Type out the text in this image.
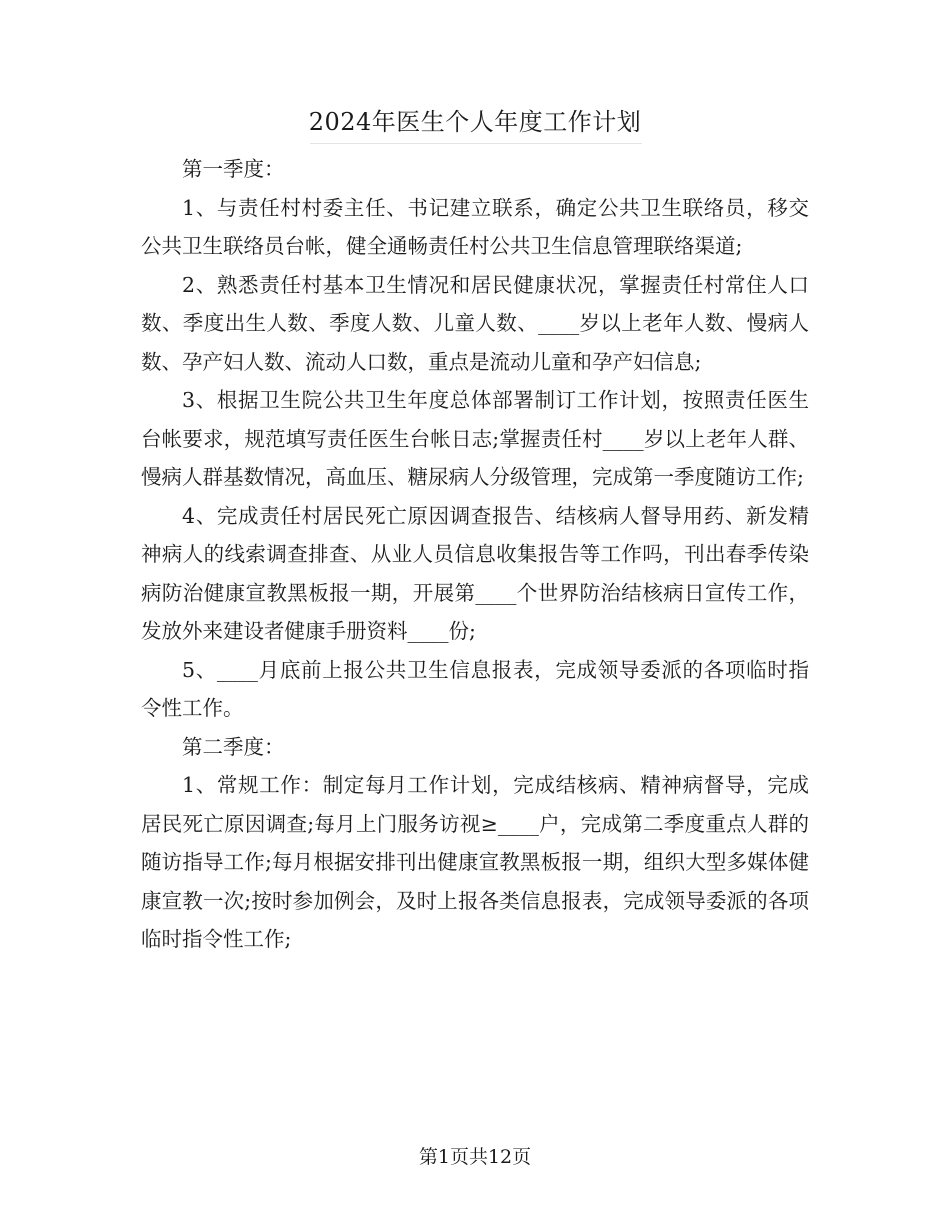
2024年医生个人年度工作计划

第一季度：

1、与责任村村委主任、书记建立联系，确定公共卫生联络员，移交公共卫生联络员台帐，健全通畅责任村公共卫生信息管理联络渠道;

2、熟悉责任村基本卫生情况和居民健康状况，掌握责任村常住人口数、季度出生人数、季度人数、儿童人数、____岁以上老年人数、慢病人数、孕产妇人数、流动人口数，重点是流动儿童和孕产妇信息;

3、根据卫生院公共卫生年度总体部署制订工作计划，按照责任医生台帐要求，规范填写责任医生台帐日志;掌握责任村____岁以上老年人群、慢病人群基数情况，高血压、糖尿病人分级管理，完成第一季度随访工作;

4、完成责任村居民死亡原因调查报告、结核病人督导用药、新发精神病人的线索调查排查、从业人员信息收集报告等工作吗，刊出春季传染病防治健康宣教黑板报一期，开展第____个世界防治结核病日宣传工作，发放外来建设者健康手册资料____份;

5、____月底前上报公共卫生信息报表，完成领导委派的各项临时指令性工作。

第二季度：

1、常规工作：制定每月工作计划，完成结核病、精神病督导，完成居民死亡原因调查;每月上门服务访视≥____户，完成第二季度重点人群的随访指导工作;每月根据安排刊出健康宣教黑板报一期，组织大型多媒体健康宣教一次;按时参加例会，及时上报各类信息报表，完成领导委派的各项临时指令性工作;

第1页共12页
